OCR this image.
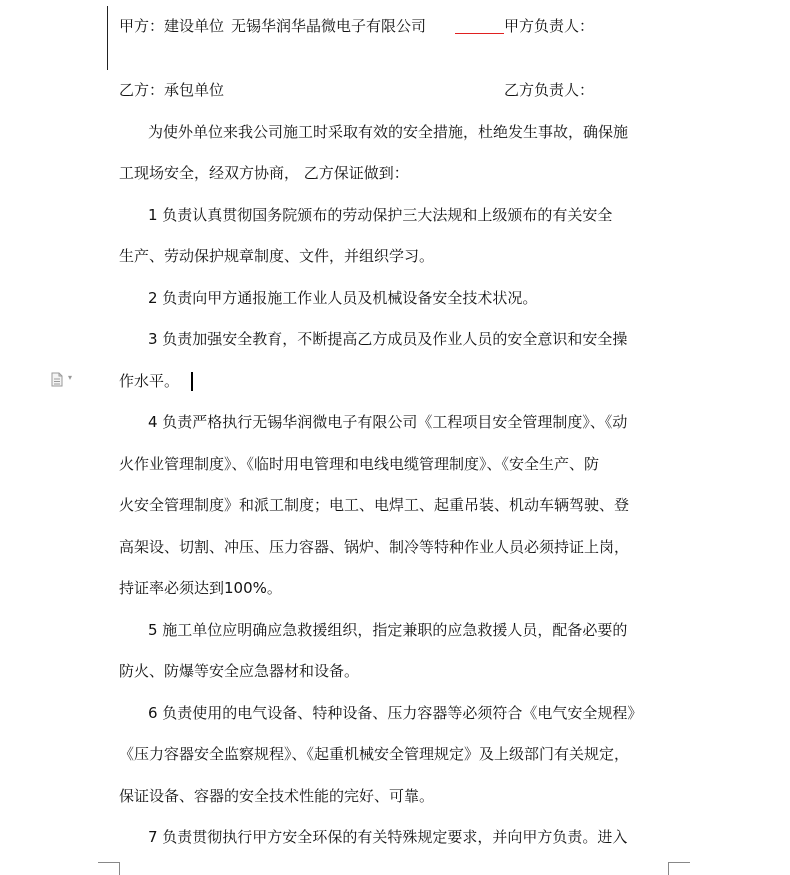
甲方：建设单位 无锡华润华晶微电子有限公司	甲方负责人：
乙方：承包单位	乙方负责人：
为使外单位来我公司施工时采取有效的安全措施，杜绝发生事故，确保施
工现场安全，经双方协商， 乙方保证做到：
1 负责认真贯彻国务院颁布的劳动保护三大法规和上级颁布的有关安全
生产、劳动保护规章制度、文件，并组织学习。
2 负责向甲方通报施工作业人员及机械设备安全技术状况。
3 负责加强安全教育，不断提高乙方成员及作业人员的安全意识和安全操
作水平。
▾
4 负责严格执行无锡华润微电子有限公司《工程项目安全管理制度》、《动
火作业管理制度》、《临时用电管理和电线电缆管理制度》、《安全生产、防
火安全管理制度》和派工制度；电工、电焊工、起重吊装、机动车辆驾驶、登
高架设、切割、冲压、压力容器、锅炉、制冷等特种作业人员必须持证上岗，
持证率必须达到100%。
5 施工单位应明确应急救援组织，指定兼职的应急救援人员，配备必要的
防火、防爆等安全应急器材和设备。
6 负责使用的电气设备、特种设备、压力容器等必须符合《电气安全规程》
《压力容器安全监察规程》、《起重机械安全管理规定》及上级部门有关规定，
保证设备、容器的安全技术性能的完好、可靠。
7 负责贯彻执行甲方安全环保的有关特殊规定要求，并向甲方负责。进入
